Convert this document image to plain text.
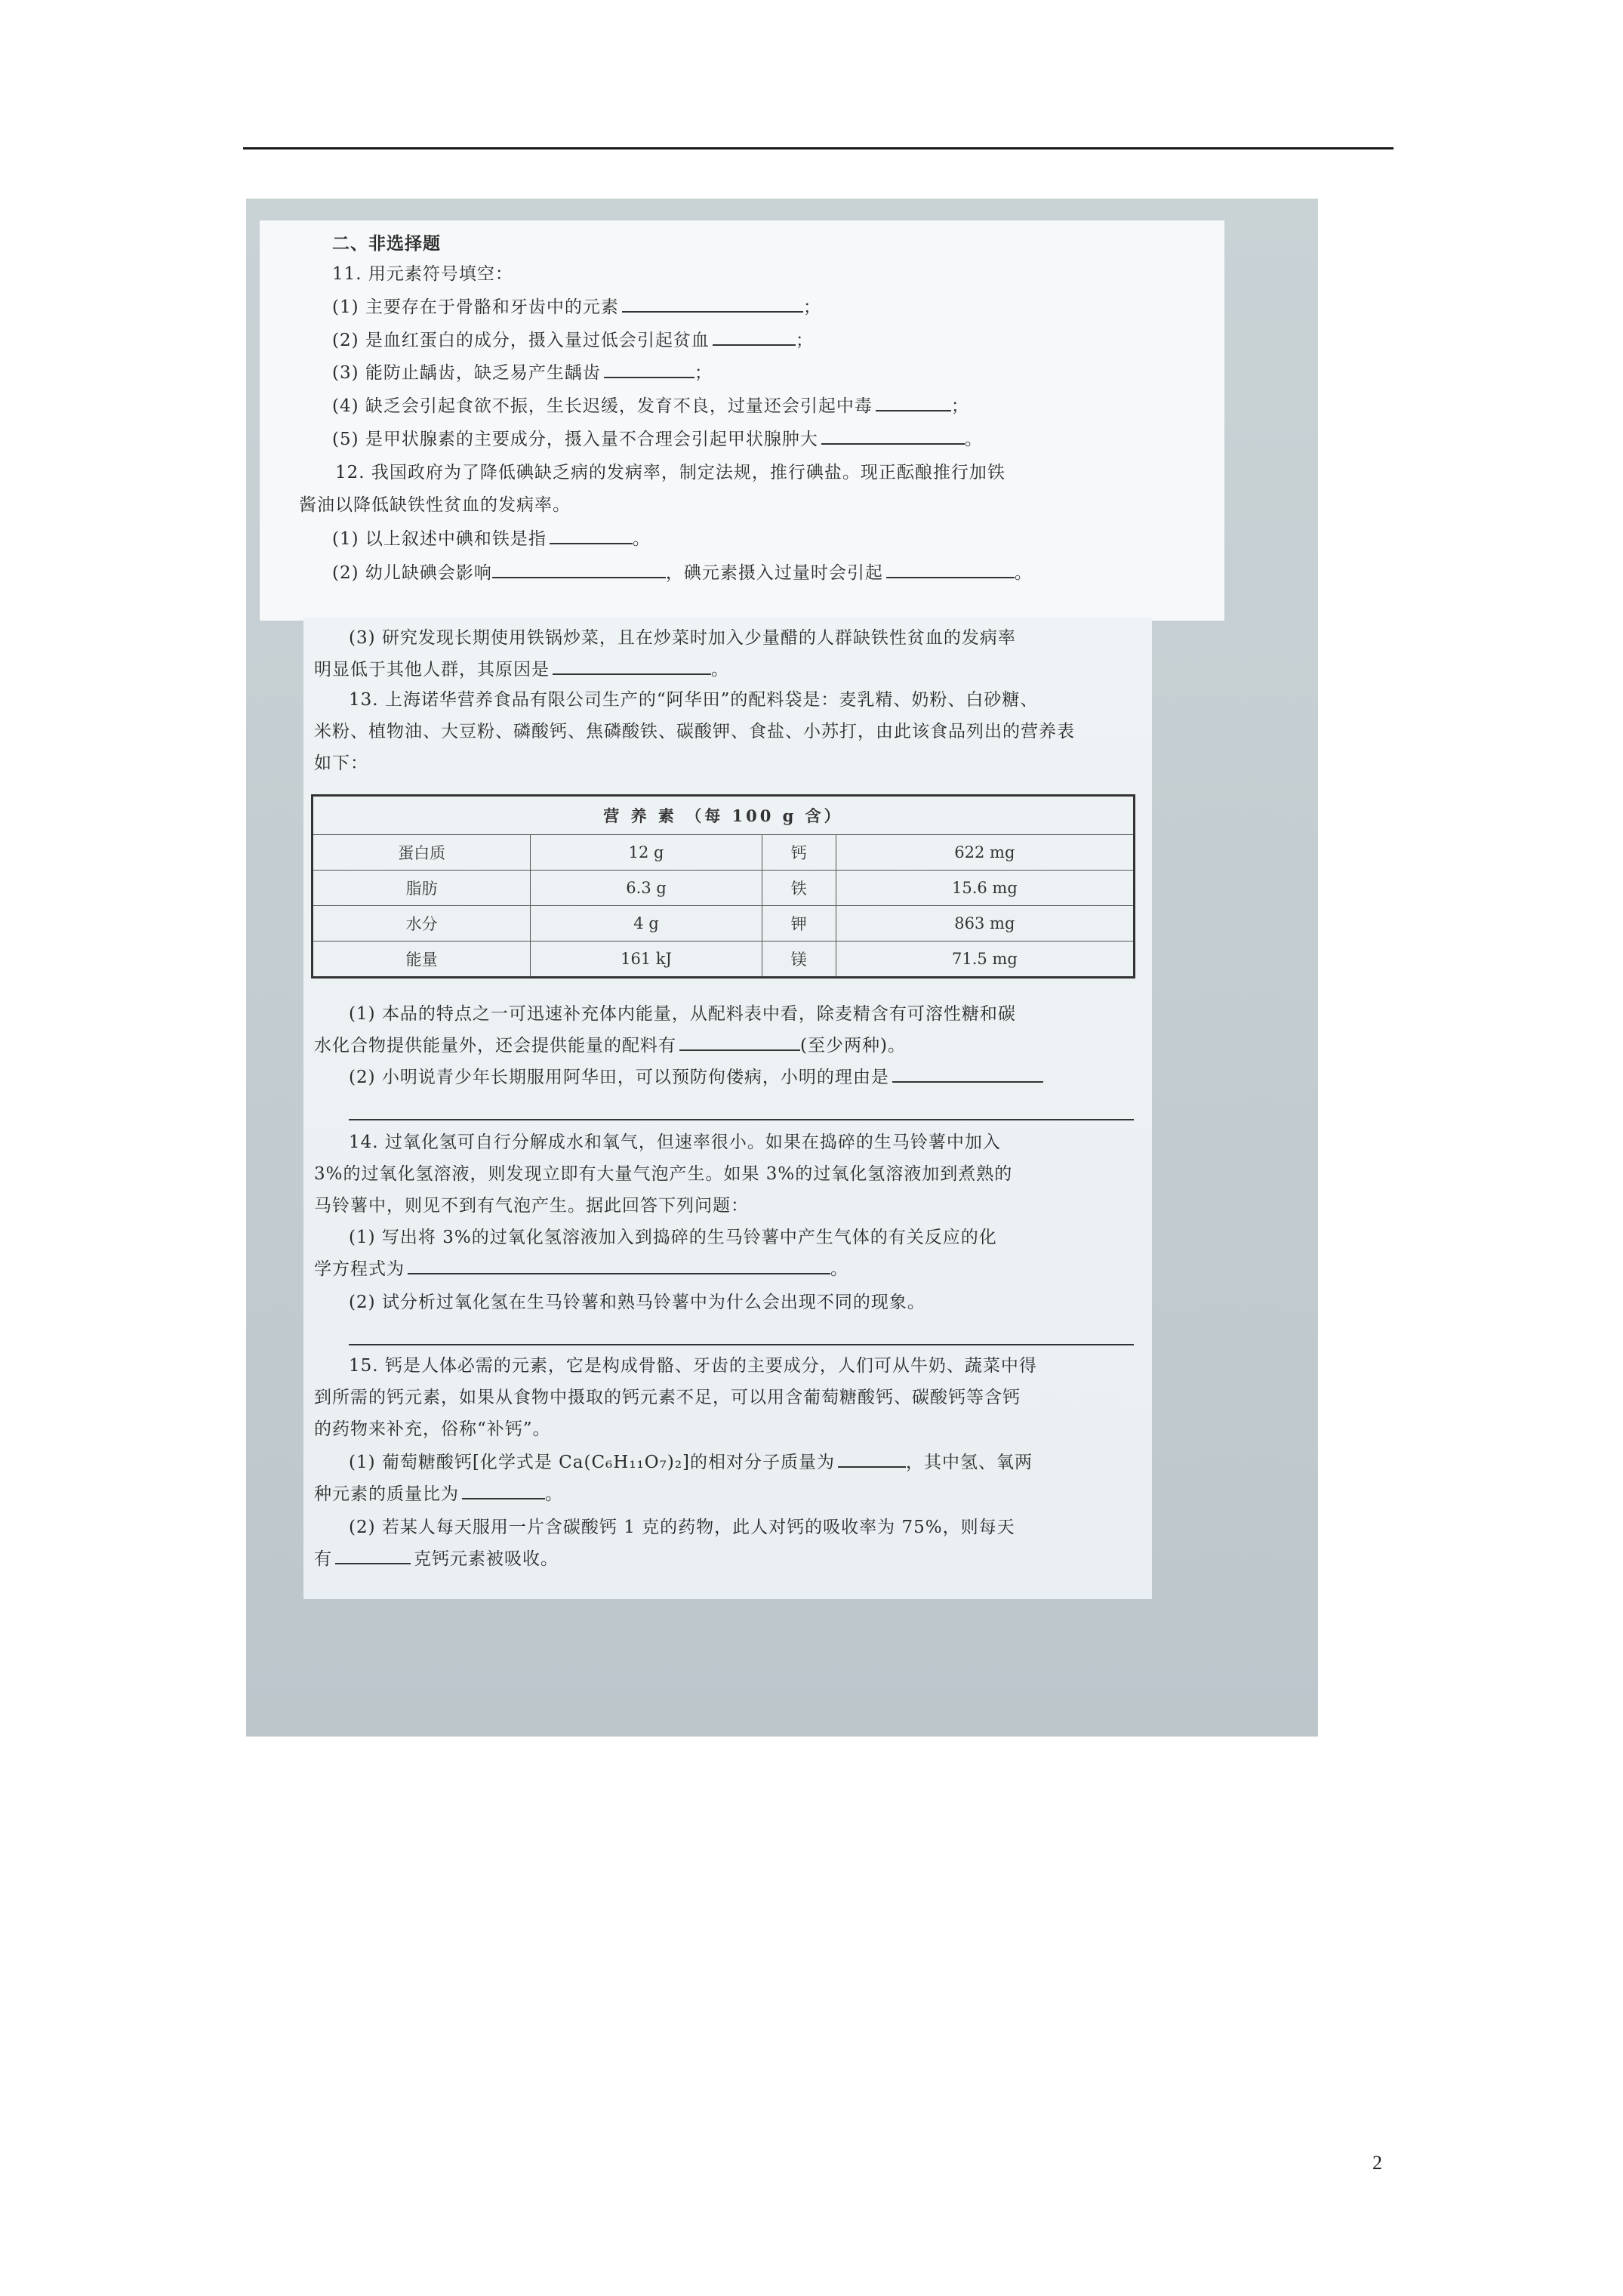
二、非选择题
11. 用元素符号填空：
(1) 主要存在于骨骼和牙齿中的元素	；
(2) 是血红蛋白的成分，摄入量过低会引起贫血	；
(3) 能防止龋齿，缺乏易产生龋齿	；
(4) 缺乏会引起食欲不振，生长迟缓，发育不良，过量还会引起中毒	；
(5) 是甲状腺素的主要成分，摄入量不合理会引起甲状腺肿大	。
12. 我国政府为了降低碘缺乏病的发病率，制定法规，推行碘盐。现正酝酿推行加铁
酱油以降低缺铁性贫血的发病率。
(1) 以上叙述中碘和铁是指	。
(2) 幼儿缺碘会影响	，碘元素摄入过量时会引起	。
(3) 研究发现长期使用铁锅炒菜，且在炒菜时加入少量醋的人群缺铁性贫血的发病率
明显低于其他人群，其原因是	。
13. 上海诺华营养食品有限公司生产的“阿华田”的配料袋是：麦乳精、奶粉、白砂糖、
米粉、植物油、大豆粉、磷酸钙、焦磷酸铁、碳酸钾、食盐、小苏打，由此该食品列出的营养表
如下：
营 养 素 （每 100 g 含）			
蛋白质	12 g	钙	622 mg
脂肪	6.3 g	铁	15.6 mg
水分	4 g	钾	863 mg
能量	161 kJ	镁	71.5 mg
(1) 本品的特点之一可迅速补充体内能量，从配料表中看，除麦精含有可溶性糖和碳
水化合物提供能量外，还会提供能量的配料有	(至少两种)。
(2) 小明说青少年长期服用阿华田，可以预防佝偻病，小明的理由是
14. 过氧化氢可自行分解成水和氧气，但速率很小。如果在捣碎的生马铃薯中加入
3%的过氧化氢溶液，则发现立即有大量气泡产生。如果 3%的过氧化氢溶液加到煮熟的
马铃薯中，则见不到有气泡产生。据此回答下列问题：
(1) 写出将 3%的过氧化氢溶液加入到捣碎的生马铃薯中产生气体的有关反应的化
学方程式为	。
(2) 试分析过氧化氢在生马铃薯和熟马铃薯中为什么会出现不同的现象。
15. 钙是人体必需的元素，它是构成骨骼、牙齿的主要成分，人们可从牛奶、蔬菜中得
到所需的钙元素，如果从食物中摄取的钙元素不足，可以用含葡萄糖酸钙、碳酸钙等含钙
的药物来补充，俗称“补钙”。
(1) 葡萄糖酸钙[化学式是 Ca(C₆H₁₁O₇)₂]的相对分子质量为	，其中氢、氧两
种元素的质量比为	。
(2) 若某人每天服用一片含碳酸钙 1 克的药物，此人对钙的吸收率为 75%，则每天
有	克钙元素被吸收。
2
